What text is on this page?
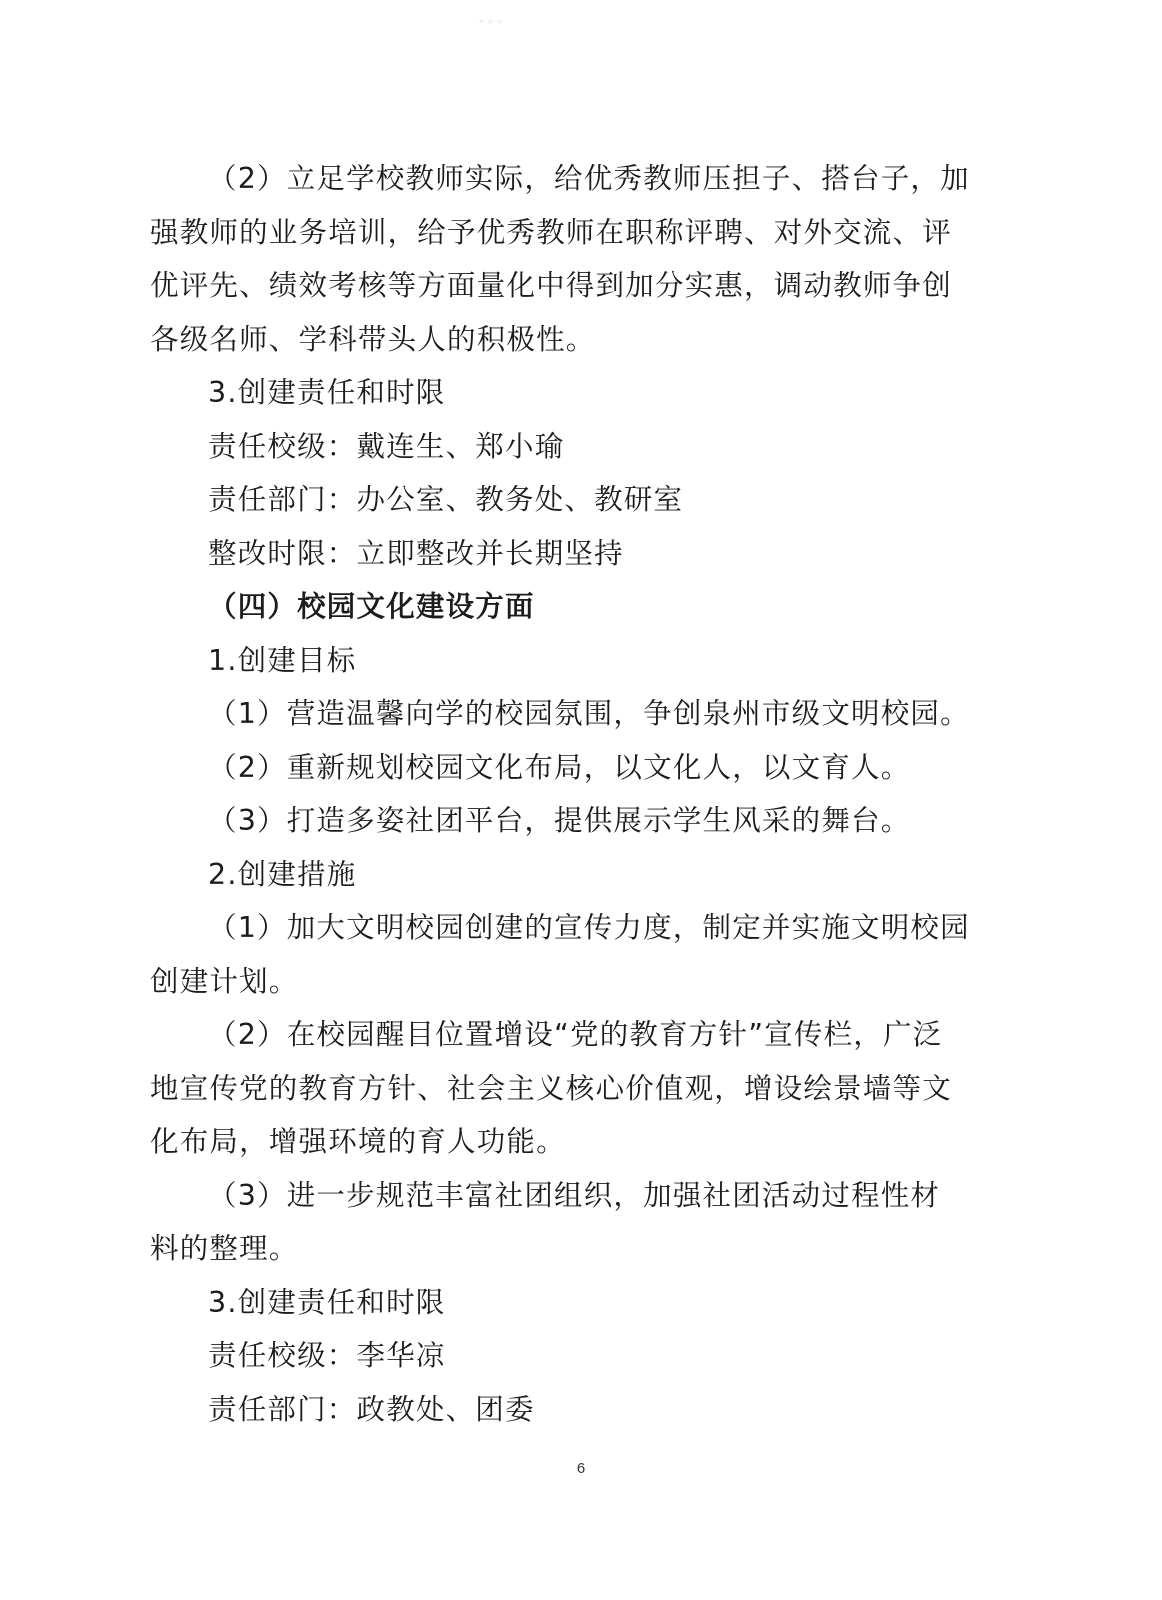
...
（2）立足学校教师实际，给优秀教师压担子、搭台子，加
强教师的业务培训，给予优秀教师在职称评聘、对外交流、评
优评先、绩效考核等方面量化中得到加分实惠，调动教师争创
各级名师、学科带头人的积极性。
3.创建责任和时限
责任校级：戴连生、郑小瑜
责任部门：办公室、教务处、教研室
整改时限：立即整改并长期坚持
（四）校园文化建设方面
1.创建目标
（1）营造温馨向学的校园氛围，争创泉州市级文明校园。
（2）重新规划校园文化布局，以文化人，以文育人。
（3）打造多姿社团平台，提供展示学生风采的舞台。
2.创建措施
（1）加大文明校园创建的宣传力度，制定并实施文明校园
创建计划。
（2）在校园醒目位置增设“党的教育方针”宣传栏，广泛
地宣传党的教育方针、社会主义核心价值观，增设绘景墙等文
化布局，增强环境的育人功能。
（3）进一步规范丰富社团组织，加强社团活动过程性材
料的整理。
3.创建责任和时限
责任校级：李华凉
责任部门：政教处、团委
6
